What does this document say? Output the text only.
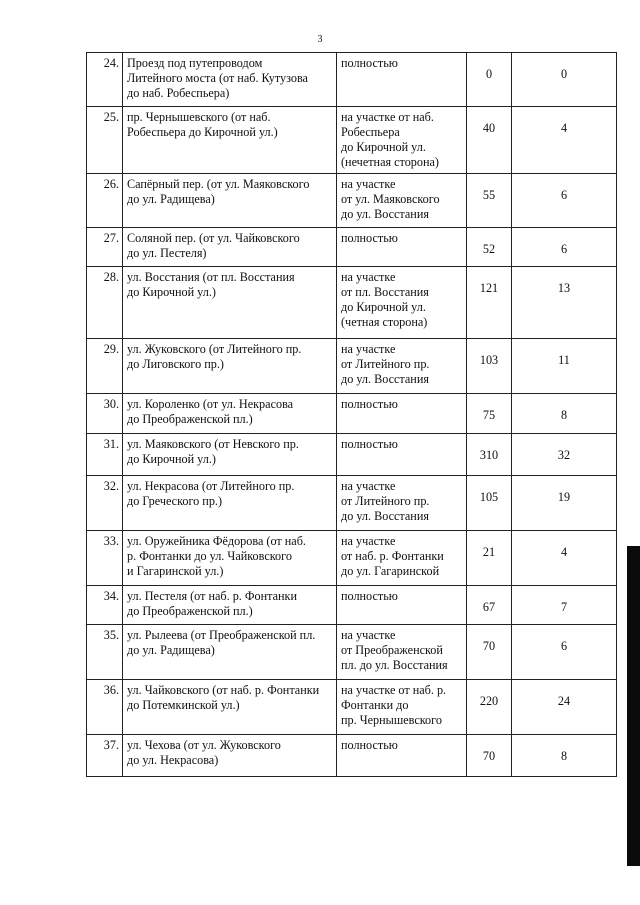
3
24.	Проезд под путепроводом
Литейного моста (от наб. Кутузова
до наб. Робеспьера)	полностью	0	0
25.	пр. Чернышевского (от наб.
Робеспьера до Кирочной ул.)	на участке от наб.
Робеспьера
до Кирочной ул.
(нечетная сторона)	40	4
26.	Сапёрный пер. (от ул. Маяковского
до ул. Радищева)	на участке
от ул. Маяковского
до ул. Восстания	55	6
27.	Соляной пер. (от ул. Чайковского
до ул. Пестеля)	полностью	52	6
28.	ул. Восстания (от пл. Восстания
до Кирочной ул.)	на участке
от пл. Восстания
до Кирочной ул.
(четная сторона)	121	13
29.	ул. Жуковского (от Литейного пр.
до Лиговского пр.)	на участке
от Литейного пр.
до ул. Восстания	103	11
30.	ул. Короленко (от ул. Некрасова
до Преображенской пл.)	полностью	75	8
31.	ул. Маяковского (от Невского пр.
до Кирочной ул.)	полностью	310	32
32.	ул. Некрасова (от Литейного пр.
до Греческого пр.)	на участке
от Литейного пр.
до ул. Восстания	105	19
33.	ул. Оружейника Фёдорова (от наб.
р. Фонтанки до ул. Чайковского
и Гагаринской ул.)	на участке
от наб. р. Фонтанки
до ул. Гагаринской	21	4
34.	ул. Пестеля (от наб. р. Фонтанки
до Преображенской пл.)	полностью	67	7
35.	ул. Рылеева (от Преображенской пл.
до ул. Радищева)	на участке
от Преображенской
пл. до ул. Восстания	70	6
36.	ул. Чайковского (от наб. р. Фонтанки
до Потемкинской ул.)	на участке от наб. р.
Фонтанки до
пр. Чернышевского	220	24
37.	ул. Чехова (от ул. Жуковского
до ул. Некрасова)	полностью	70	8
